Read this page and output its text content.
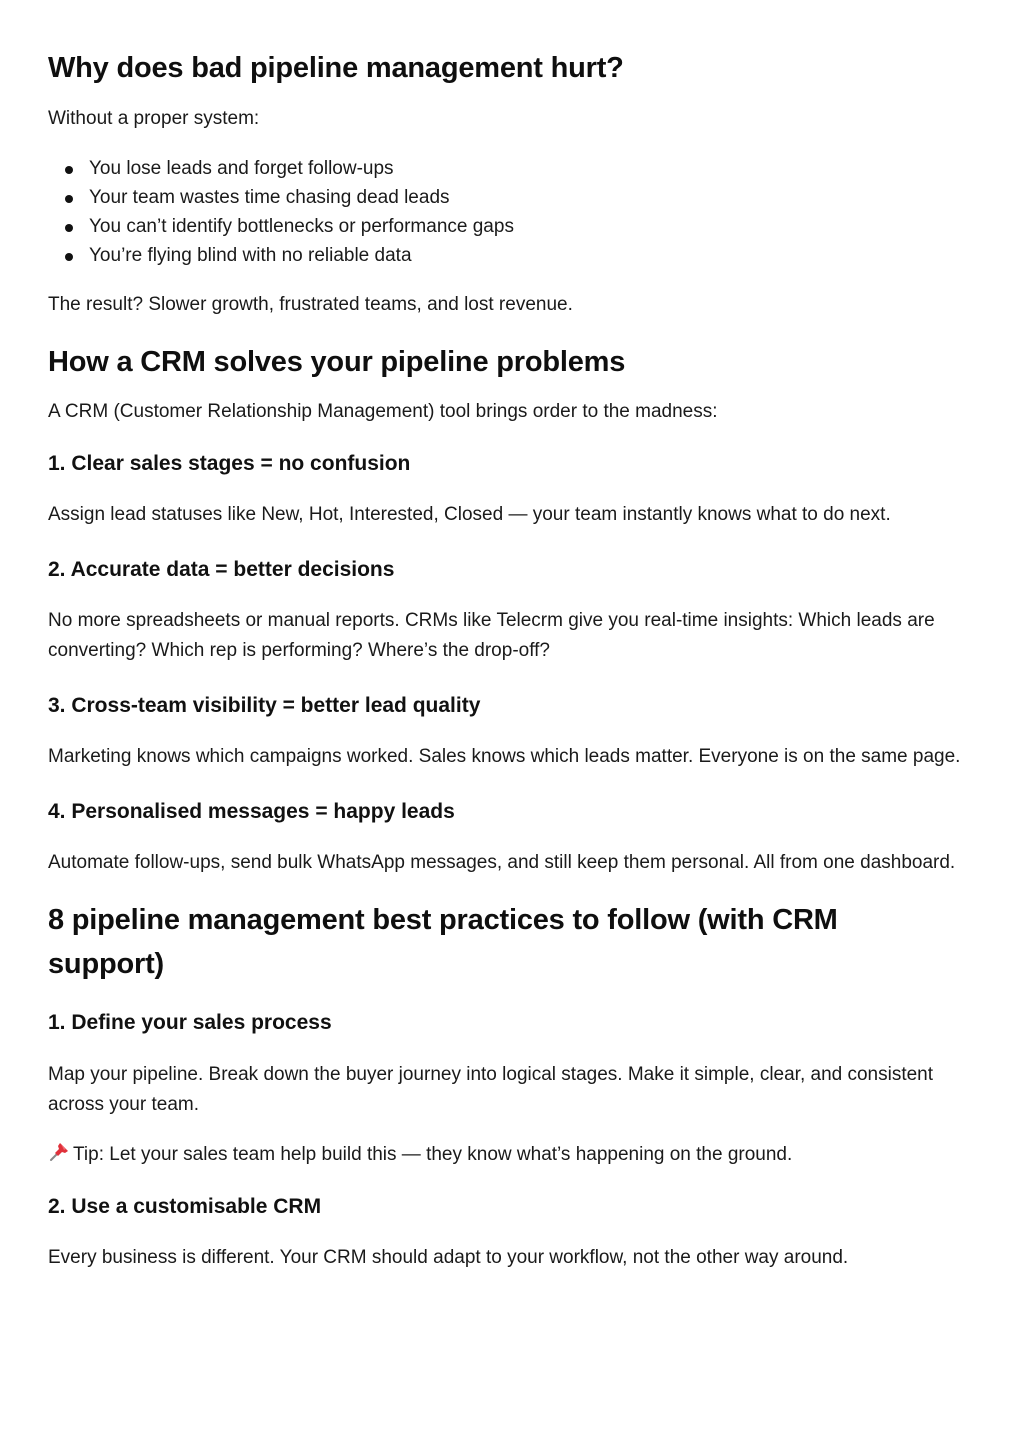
Why does bad pipeline management hurt?

Without a proper system:

You lose leads and forget follow-ups
Your team wastes time chasing dead leads
You can’t identify bottlenecks or performance gaps
You’re flying blind with no reliable data

The result? Slower growth, frustrated teams, and lost revenue.

How a CRM solves your pipeline problems

A CRM (Customer Relationship Management) tool brings order to the madness:

1. Clear sales stages = no confusion

Assign lead statuses like New, Hot, Interested, Closed — your team instantly knows what to do next.

2. Accurate data = better decisions

No more spreadsheets or manual reports. CRMs like Telecrm give you real-time insights: Which leads are converting? Which rep is performing? Where’s the drop-off?

3. Cross-team visibility = better lead quality

Marketing knows which campaigns worked. Sales knows which leads matter. Everyone is on the same page.

4. Personalised messages = happy leads

Automate follow-ups, send bulk WhatsApp messages, and still keep them personal. All from one dashboard.

8 pipeline management best practices to follow (with CRM support)
1. Define your sales process

Map your pipeline. Break down the buyer journey into logical stages. Make it simple, clear, and consistent across your team.

Tip: Let your sales team help build this — they know what’s happening on the ground.

2. Use a customisable CRM

Every business is different. Your CRM should adapt to your workflow, not the other way around.
